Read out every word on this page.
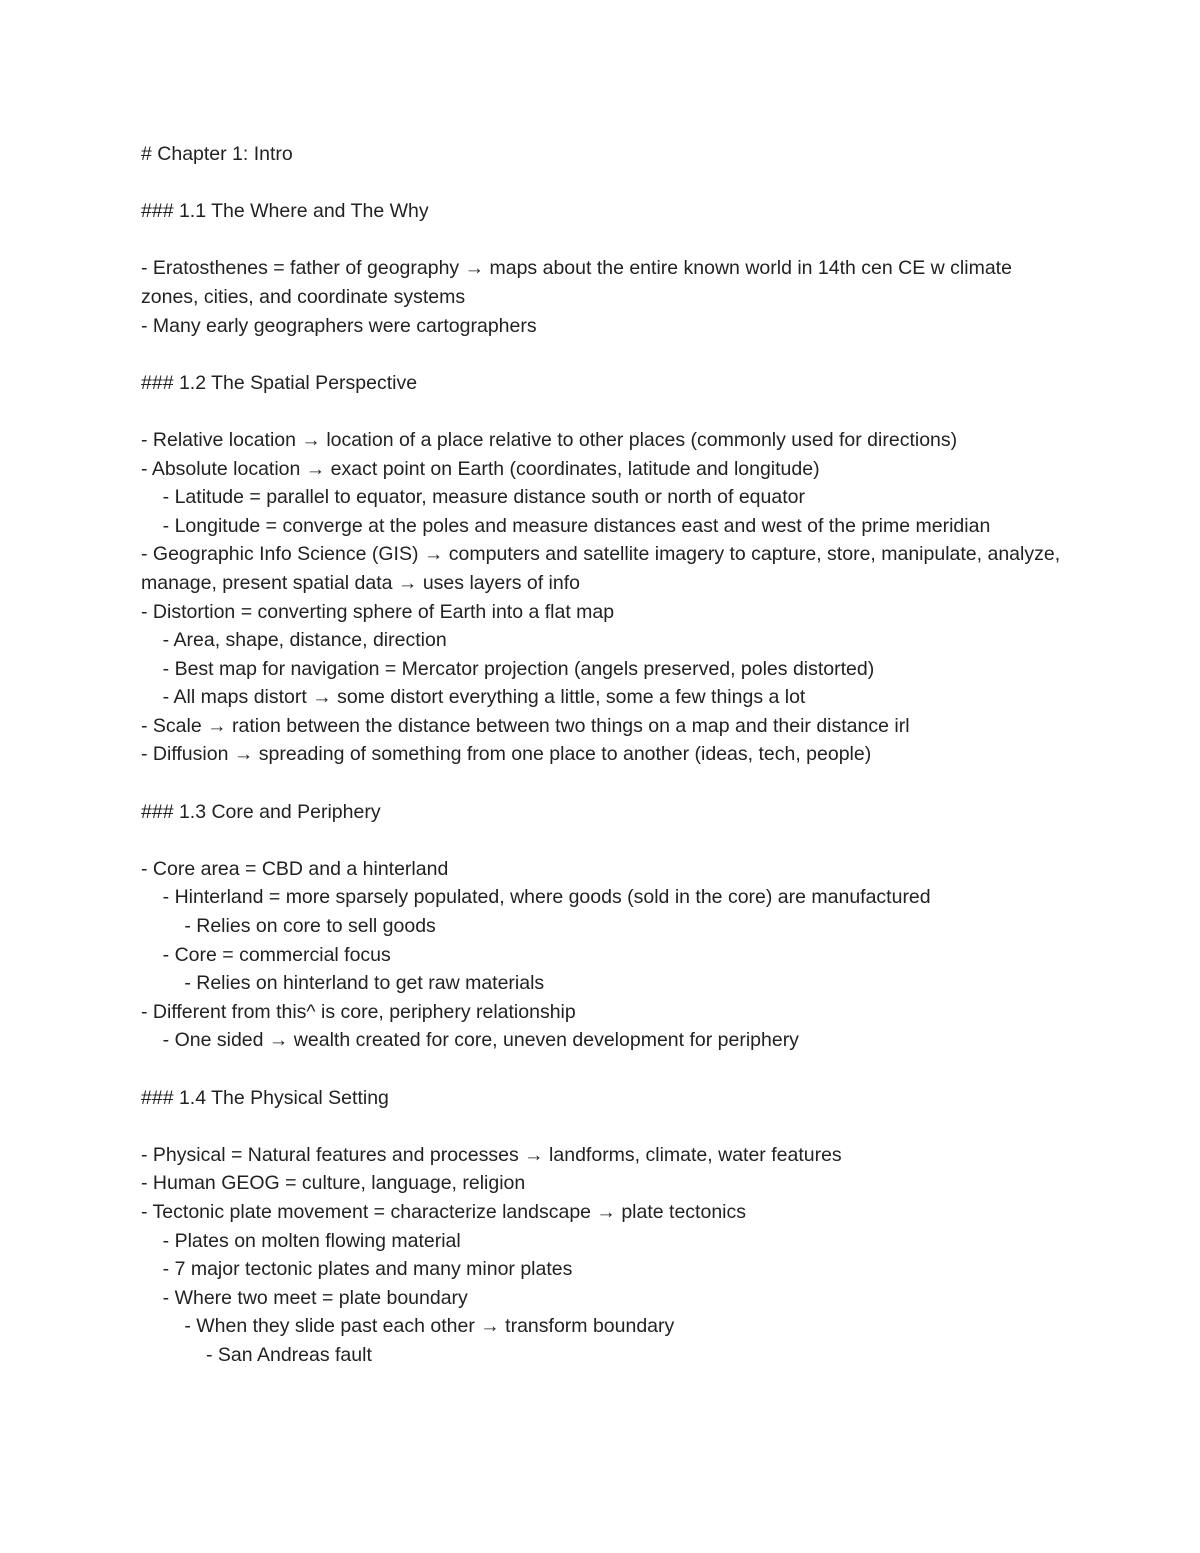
# Chapter 1: Intro

### 1.1 The Where and The Why

- Eratosthenes = father of geography → maps about the entire known world in 14th cen CE w climate zones, cities, and coordinate systems

- Many early geographers were cartographers

### 1.2 The Spatial Perspective

- Relative location → location of a place relative to other places (commonly used for directions)

- Absolute location → exact point on Earth (coordinates, latitude and longitude)

- Latitude = parallel to equator, measure distance south or north of equator

- Longitude = converge at the poles and measure distances east and west of the prime meridian

- Geographic Info Science (GIS) → computers and satellite imagery to capture, store, manipulate, analyze, manage, present spatial data → uses layers of info

- Distortion = converting sphere of Earth into a flat map

- Area, shape, distance, direction

- Best map for navigation = Mercator projection (angels preserved, poles distorted)

- All maps distort → some distort everything a little, some a few things a lot

- Scale → ration between the distance between two things on a map and their distance irl

- Diffusion → spreading of something from one place to another (ideas, tech, people)

### 1.3 Core and Periphery

- Core area = CBD and a hinterland

- Hinterland = more sparsely populated, where goods (sold in the core) are manufactured

- Relies on core to sell goods

- Core = commercial focus

- Relies on hinterland to get raw materials

- Different from this^ is core, periphery relationship

- One sided → wealth created for core, uneven development for periphery

### 1.4 The Physical Setting

- Physical = Natural features and processes → landforms, climate, water features

- Human GEOG = culture, language, religion

- Tectonic plate movement = characterize landscape → plate tectonics

- Plates on molten flowing material

- 7 major tectonic plates and many minor plates

- Where two meet = plate boundary

- When they slide past each other → transform boundary

- San Andreas fault
